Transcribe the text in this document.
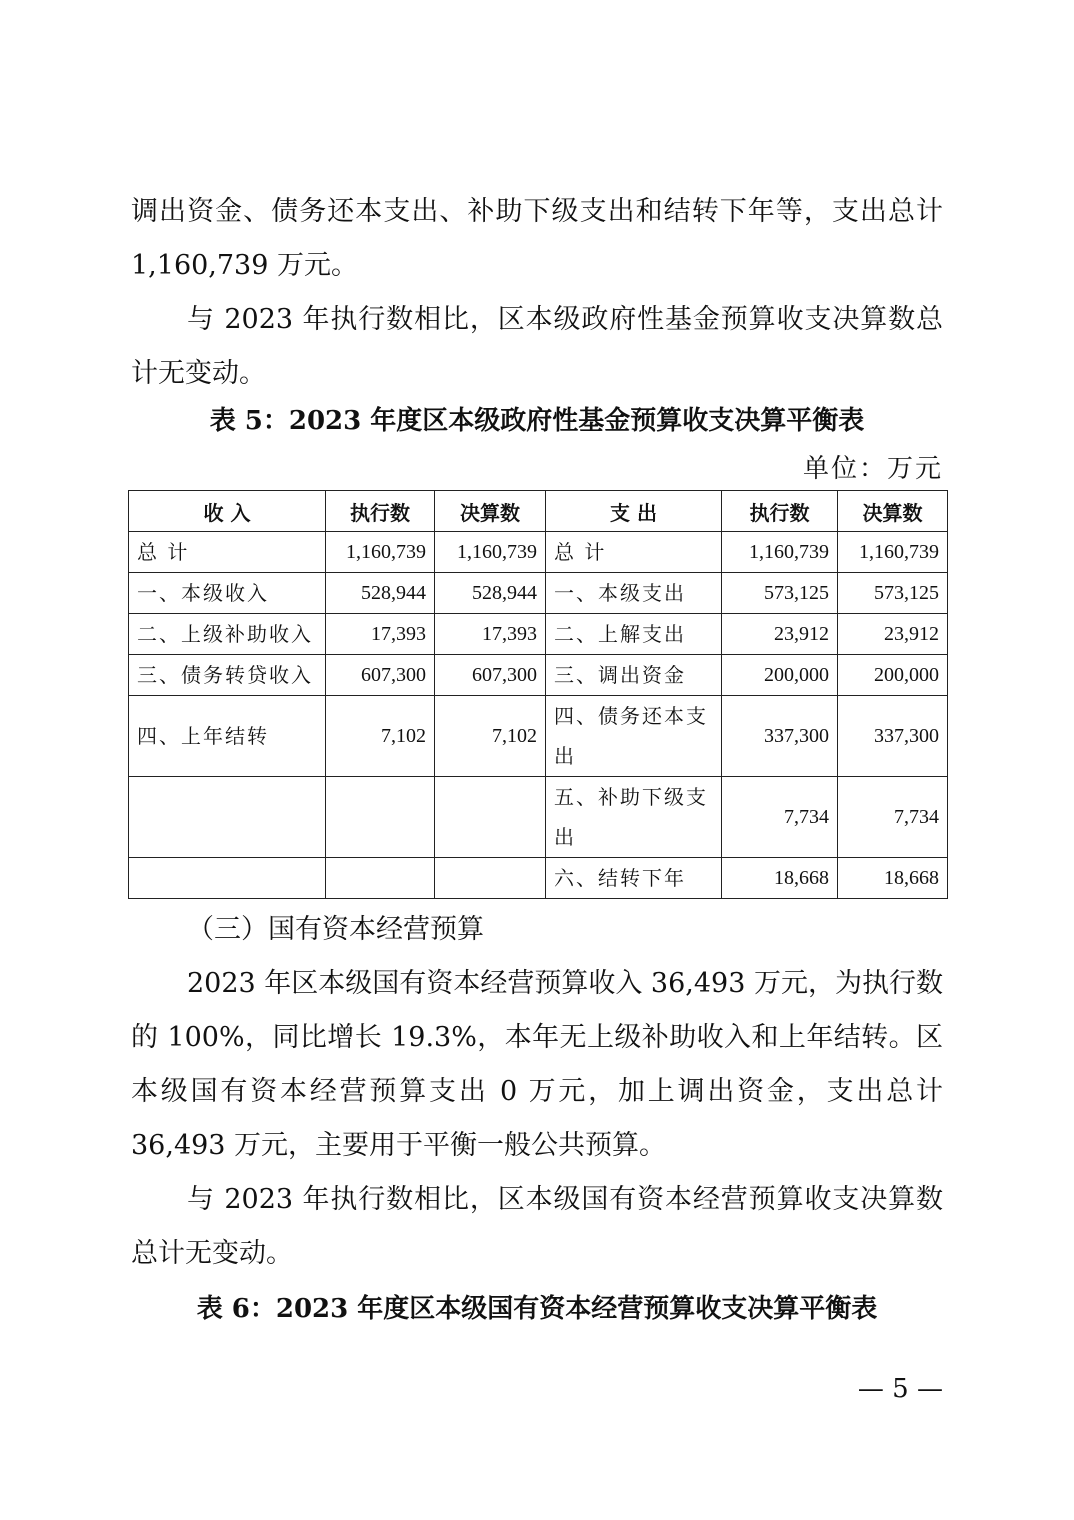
调出资金、债务还本支出、补助下级支出和结转下年等，支出总计1,160,739 万元。

与 2023 年执行数相比，区本级政府性基金预算收支决算数总计无变动。

表 5：2023 年度区本级政府性基金预算收支决算平衡表

单位：万元
收 入	执行数	决算数	支 出	执行数	决算数
总 计	1,160,739	1,160,739	总 计	1,160,739	1,160,739
一、本级收入	528,944	528,944	一、本级支出	573,125	573,125
二、上级补助收入	17,393	17,393	二、上解支出	23,912	23,912
三、债务转贷收入	607,300	607,300	三、调出资金	200,000	200,000
四、上年结转	7,102	7,102	四、债务还本支出	337,300	337,300
			五、补助下级支出	7,734	7,734
			六、结转下年	18,668	18,668

（三）国有资本经营预算

2023 年区本级国有资本经营预算收入 36,493 万元，为执行数的 100%，同比增长 19.3%，本年无上级补助收入和上年结转。区本级国有资本经营预算支出 0 万元，加上调出资金，支出总计36,493 万元，主要用于平衡一般公共预算。

与 2023 年执行数相比，区本级国有资本经营预算收支决算数总计无变动。

表 6：2023 年度区本级国有资本经营预算收支决算平衡表

— 5 —
